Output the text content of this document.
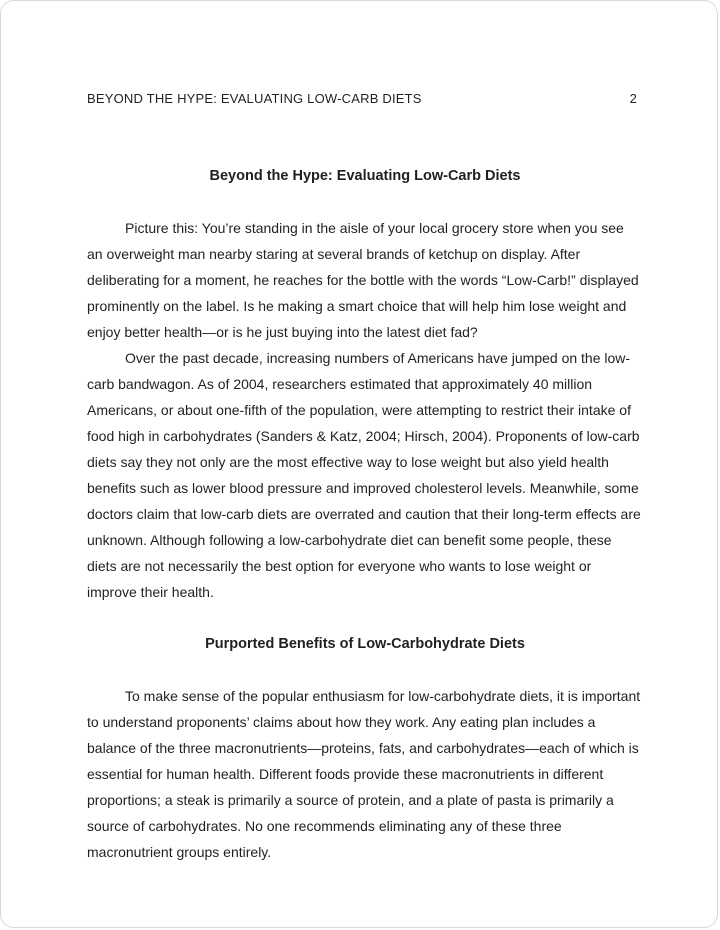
BEYOND THE HYPE: EVALUATING LOW-CARB DIETS	2
Beyond the Hype: Evaluating Low-Carb Diets

Picture this: You’re standing in the aisle of your local grocery store when you see an overweight man nearby staring at several brands of ketchup on display. After deliberating for a moment, he reaches for the bottle with the words “Low-Carb!” displayed prominently on the label. Is he making a smart choice that will help him lose weight and enjoy better health—or is he just buying into the latest diet fad?

Over the past decade, increasing numbers of Americans have jumped on the low-carb bandwagon. As of 2004, researchers estimated that approximately 40 million Americans, or about one-fifth of the population, were attempting to restrict their intake of food high in carbohydrates (Sanders & Katz, 2004; Hirsch, 2004). Proponents of low-carb diets say they not only are the most effective way to lose weight but also yield health benefits such as lower blood pressure and improved cholesterol levels. Meanwhile, some doctors claim that low-carb diets are overrated and caution that their long-term effects are unknown. Although following a low-carbohydrate diet can benefit some people, these diets are not necessarily the best option for everyone who wants to lose weight or improve their health.

Purported Benefits of Low-Carbohydrate Diets

To make sense of the popular enthusiasm for low-carbohydrate diets, it is important to understand proponents’ claims about how they work. Any eating plan includes a balance of the three macronutrients—proteins, fats, and carbohydrates—each of which is essential for human health. Different foods provide these macronutrients in different proportions; a steak is primarily a source of protein, and a plate of pasta is primarily a source of carbohydrates. No one recommends eliminating any of these three macronutrient groups entirely.
